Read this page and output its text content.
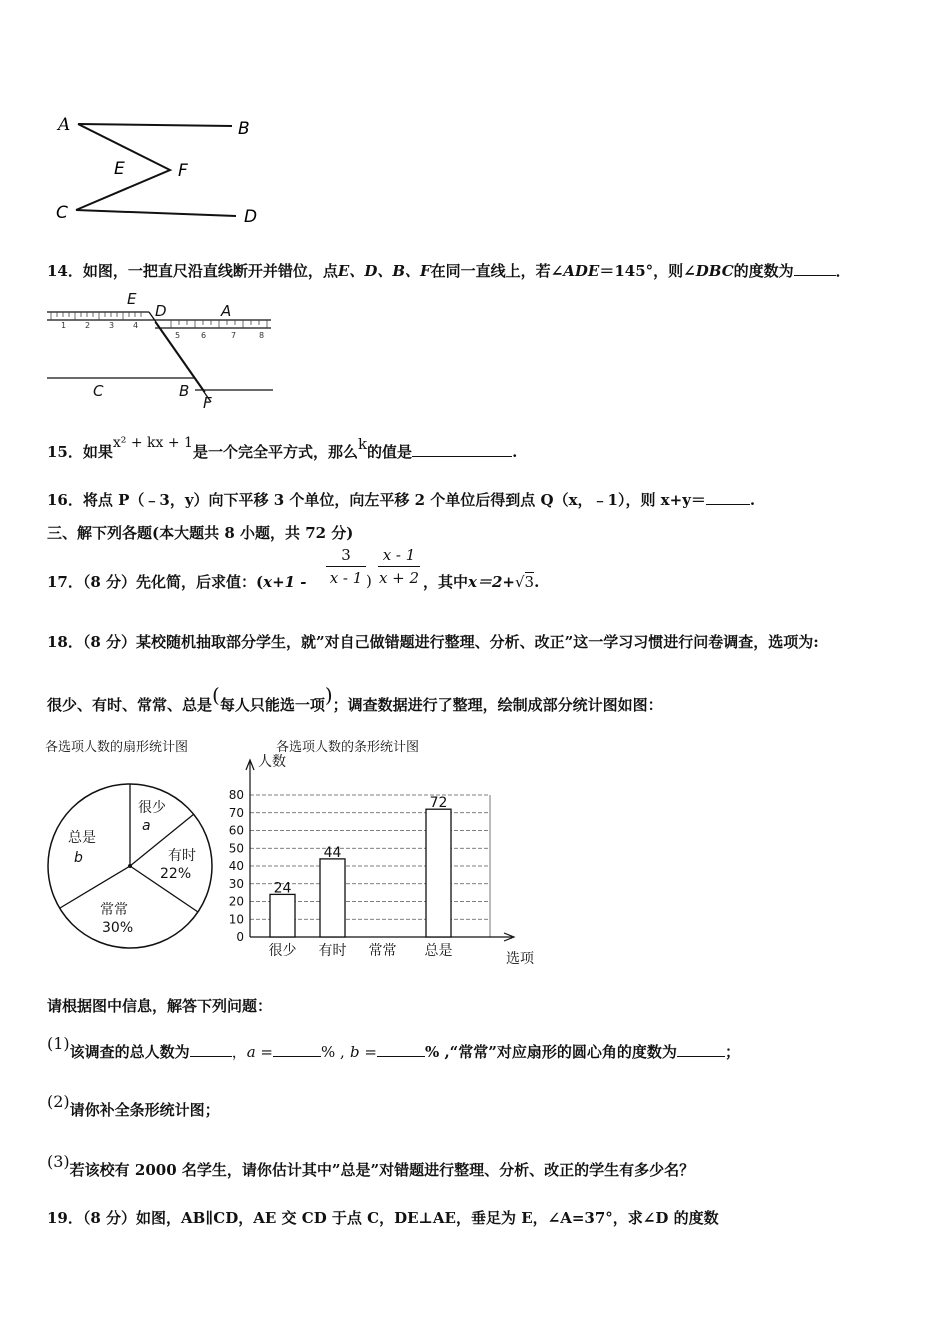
A	B
C	D
E	F
14．如图，一把直尺沿直线断开并错位，点E、D、B、F在同一直线上，若∠ADE＝145°，则∠DBC的度数为	．
1 2 3 4
5	6	7	8
E
D	A
C	B
F
15．如果x² + kx + 1是一个完全平方式，那么k的值是	.
16．将点 P（﹣3，y）向下平移 3 个单位，向左平移 2 个单位后得到点 Q（x，﹣1），则 x+y＝	.
三、解下列各题(本大题共 8 小题，共 72 分)
17．（8 分）先化简，后求值：(x+1 -
3
x - 1 )
x - 1
x + 2 ，其中x＝2+√3.
18．（8 分）某校随机抽取部分学生，就”对自己做错题进行整理、分析、改正”这一学习习惯进行问卷调查，选项为:
很少、有时、常常、总是(每人只能选一项)；调查数据进行了整理，绘制成部分统计图如图：
各选项人数的扇形统计图
很少
a
有时
22%
常常
30%
总是
b
各选项人数的条形统计图
0
10
20
30
40
50
60
70
80
人数
选项
24
很少
44
有时 常常
72
总是
请根据图中信息，解答下列问题：
(1)该调查的总人数为	，a =	% , b =	% ,“常常”对应扇形的圆心角的度数为	；
(2)请你补全条形统计图；
(3)若该校有 2000 名学生，请你估计其中”总是”对错题进行整理、分析、改正的学生有多少名？
19．（8 分）如图，AB∥CD，AE 交 CD 于点 C，DE⊥AE，垂足为 E，∠A=37°，求∠D 的度数
